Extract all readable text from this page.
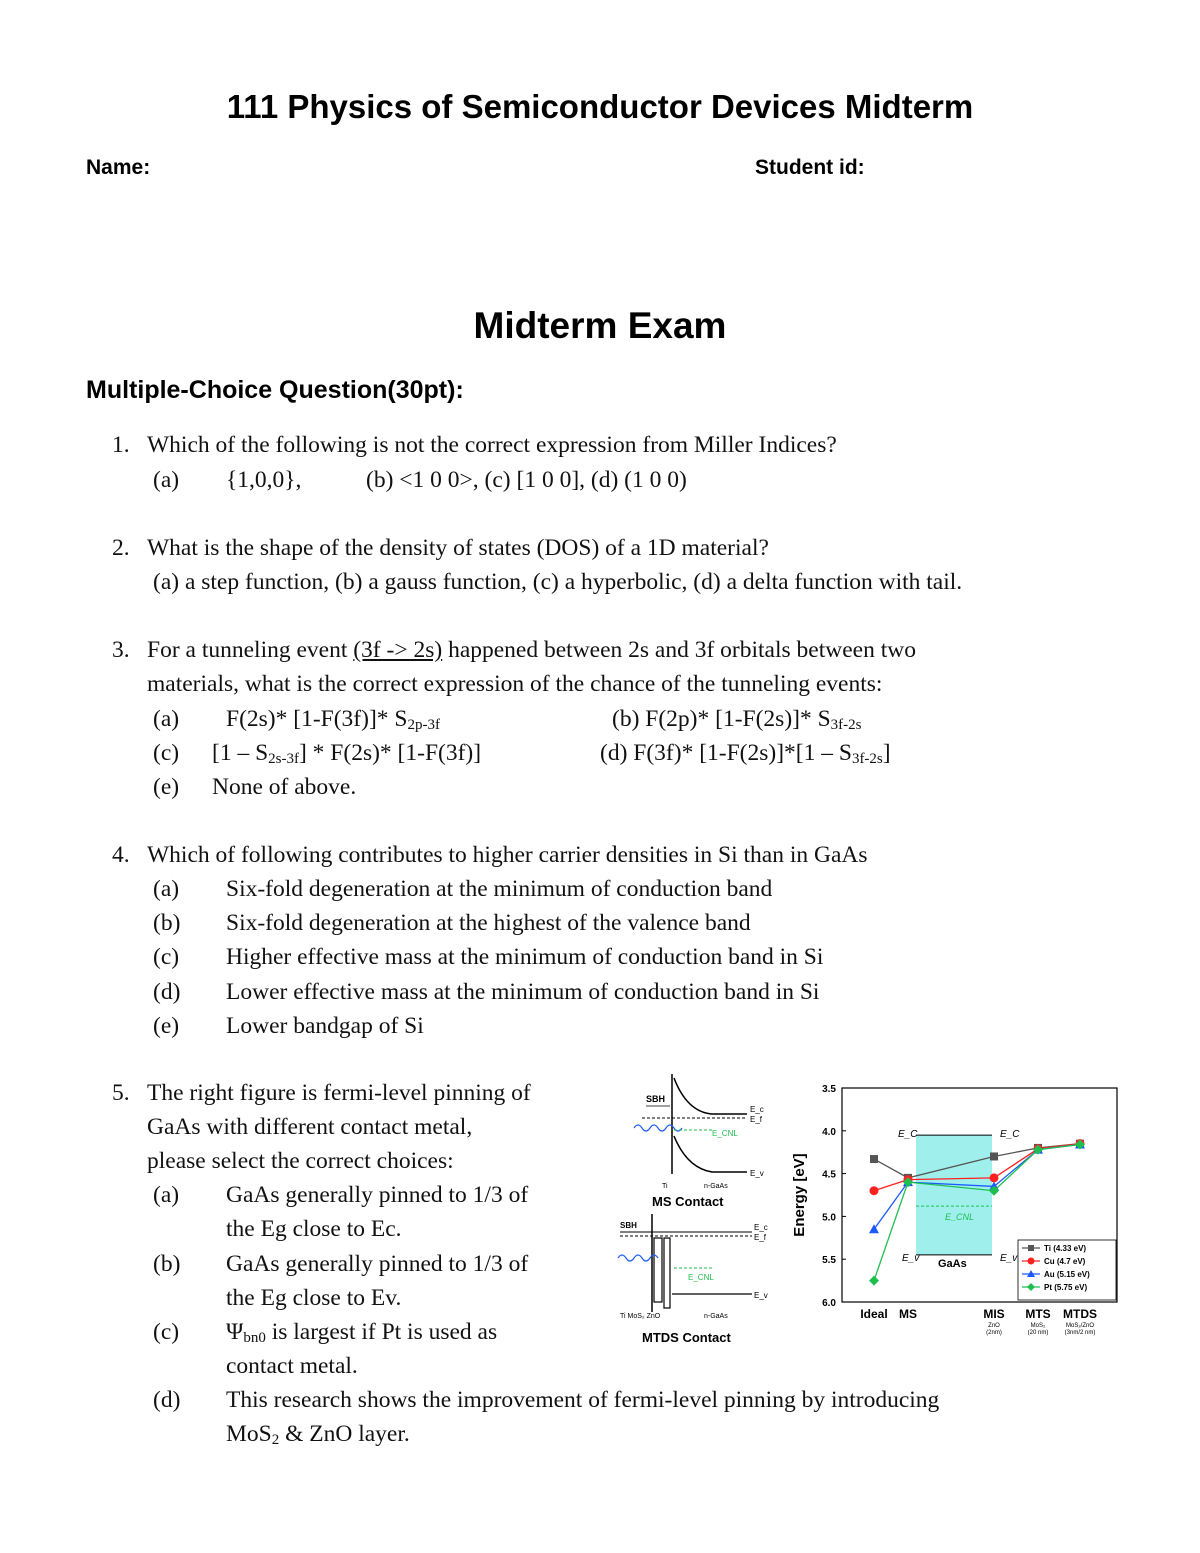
111 Physics of Semiconductor Devices Midterm
Name:	Student id:
Midterm Exam
Multiple-Choice Question(30pt):
1. Which of the following is not the correct expression from Miller Indices?
(a) {1,0,0},	(b) <1 0 0>, (c) [1 0 0], (d) (1 0 0)
2. What is the shape of the density of states (DOS) of a 1D material?
(a) a step function, (b) a gauss function, (c) a hyperbolic, (d) a delta function with tail.
3. For a tunneling event (3f -> 2s) happened between 2s and 3f orbitals between two
materials, what is the correct expression of the chance of the tunneling events:
(a) F(2s)* [1-F(3f)]* $S_{2p-3f}$	(b) F(2p)* [1-F(2s)]* $S_{3f-2s}$
(c) $[1 - S_{2s-3f}] * F(2s)*$ [1-F(3f)]	(d) F(3f)* $[1-F(2s)]*[1 - S_{3f-2s}]$
(e) None of above.
4. Which of following contributes to higher carrier densities in Si than in GaAs
(a) Six-fold degeneration at the minimum of conduction band
(b) Six-fold degeneration at the highest of the valence band
(c) Higher effective mass at the minimum of conduction band in Si
(d) Lower effective mass at the minimum of conduction band in Si
(e) Lower bandgap of Si
5. The right figure is fermi-level pinning of
GaAs with different contact metal,
please select the correct choices:
(a) GaAs generally pinned to 1/3 of
the Eg close to Ec.
(b) GaAs generally pinned to 1/3 of
the Eg close to Ev.
(c) $\Psi_{bn0}$ is largest if Pt is used as
contact metal.
(d) This research shows the improvement of fermi-level pinning by introducing
MoS$_2$ & ZnO layer.
SBH
E_CNL
E_c
E_f
E_v
Ti	n-GaAs
MS Contact
SBH
E_CNL
E_c
E_f
E_v
Ti MoS₂ ZnO	n-GaAs
MTDS Contact
E_C	E_C
E_CNL
E_v	E_v
GaAs
3.5
4.0
4.5
5.0
5.5
6.0
Energy [eV]
Ideal MS	MIS
ZnO
(2nm)
MTS
MoS₂
(20 nm)
MTDS
MoS₂/ZnO
(3nm/2 nm)
Ti (4.33 eV)
Cu (4.7 eV)
Au (5.15 eV)
Pt (5.75 eV)
